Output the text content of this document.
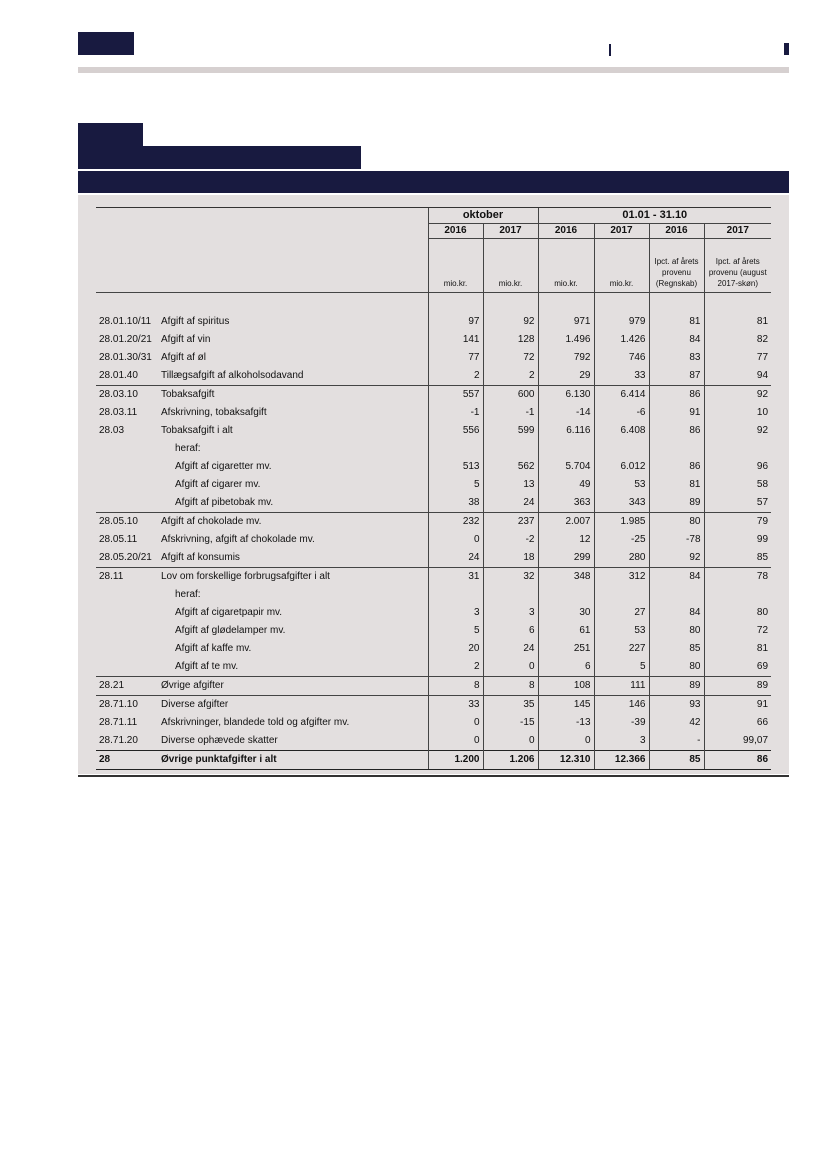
		oktober		01.01 - 31.10			
		2016	2017	2016	2017	2016	2017
		mio.kr.	mio.kr.	mio.kr.	mio.kr.	Ipct. af årets provenu (Regnskab)	Ipct. af årets provenu (august 2017-skøn)

28.01.10/11	Afgift af spiritus	97	92	971	979	81	81
28.01.20/21	Afgift af vin	141	128	1.496	1.426	84	82
28.01.30/31	Afgift af øl	77	72	792	746	83	77
28.01.40	Tillægsafgift af alkoholsodavand	2	2	29	33	87	94
28.03.10	Tobaksafgift	557	600	6.130	6.414	86	92
28.03.11	Afskrivning, tobaksafgift	-1	-1	-14	-6	91	10
28.03	Tobaksafgift i alt	556	599	6.116	6.408	86	92
	heraf:						
	Afgift af cigaretter mv.	513	562	5.704	6.012	86	96
	Afgift af cigarer mv.	5	13	49	53	81	58
	Afgift af pibetobak mv.	38	24	363	343	89	57
28.05.10	Afgift af chokolade mv.	232	237	2.007	1.985	80	79
28.05.11	Afskrivning, afgift af chokolade mv.	0	-2	12	-25	-78	99
28.05.20/21	Afgift af konsumis	24	18	299	280	92	85
28.11	Lov om forskellige forbrugsafgifter i alt	31	32	348	312	84	78
	heraf:						
	Afgift af cigaretpapir mv.	3	3	30	27	84	80
	Afgift af glødelamper mv.	5	6	61	53	80	72
	Afgift af kaffe mv.	20	24	251	227	85	81
	Afgift af te mv.	2	0	6	5	80	69
28.21	Øvrige afgifter	8	8	108	111	89	89
28.71.10	Diverse afgifter	33	35	145	146	93	91
28.71.11	Afskrivninger, blandede told og afgifter mv.	0	-15	-13	-39	42	66
28.71.20	Diverse ophævede skatter	0	0	0	3	-	99,07
28	Øvrige punktafgifter i alt	1.200	1.206	12.310	12.366	85	86
